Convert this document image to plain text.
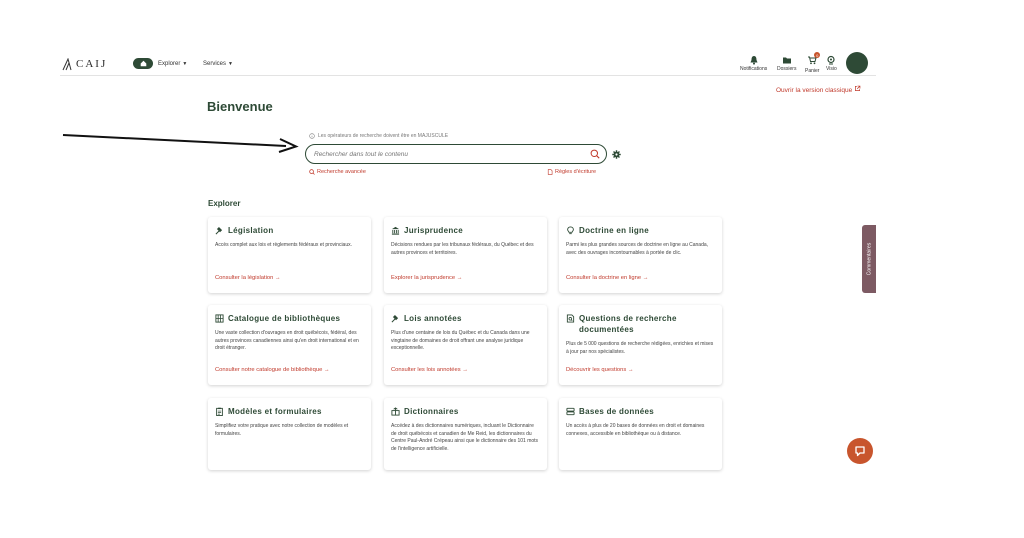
CAIJ	Explorer ▼	Services ▼
Notifications Dossiers
0
Panier Visio
Ouvrir la version classique
Bienvenue
Les opérateurs de recherche doivent être en MAJUSCULE
Rechercher dans tout le contenu
Recherche avancée	Règles d'écriture
Explorer
Législation
Accès complet aux lois et règlements fédéraux et provinciaux.
Consulter la législation →
Jurisprudence
Décisions rendues par les tribunaux fédéraux, du Québec et des autres provinces et territoires.
Explorer la jurisprudence →
Doctrine en ligne
Parmi les plus grandes sources de doctrine en ligne au Canada, avec des ouvrages incontournables à portée de clic.
Consulter la doctrine en ligne →
Catalogue de bibliothèques
Une vaste collection d'ouvrages en droit québécois, fédéral, des autres provinces canadiennes ainsi qu'en droit international et en droit étranger.
Consulter notre catalogue de bibliothèque →
Lois annotées
Plus d'une centaine de lois du Québec et du Canada dans une vingtaine de domaines de droit offrant une analyse juridique exceptionnelle.
Consulter les lois annotées →
Questions de recherche documentées
Plus de 5 000 questions de recherche rédigées, enrichies et mises à jour par nos spécialistes.
Découvrir les questions →
Modèles et formulaires
Simplifiez votre pratique avec notre collection de modèles et formulaires.
Dictionnaires
Accédez à des dictionnaires numériques, incluant le Dictionnaire de droit québécois et canadien de Me Reid, les dictionnaires du Centre Paul-André Crépeau ainsi que le dictionnaire des 101 mots de l'intelligence artificielle.
Bases de données
Un accès à plus de 20 bases de données en droit et domaines connexes, accessible en bibliothèque ou à distance.
Commentaires
